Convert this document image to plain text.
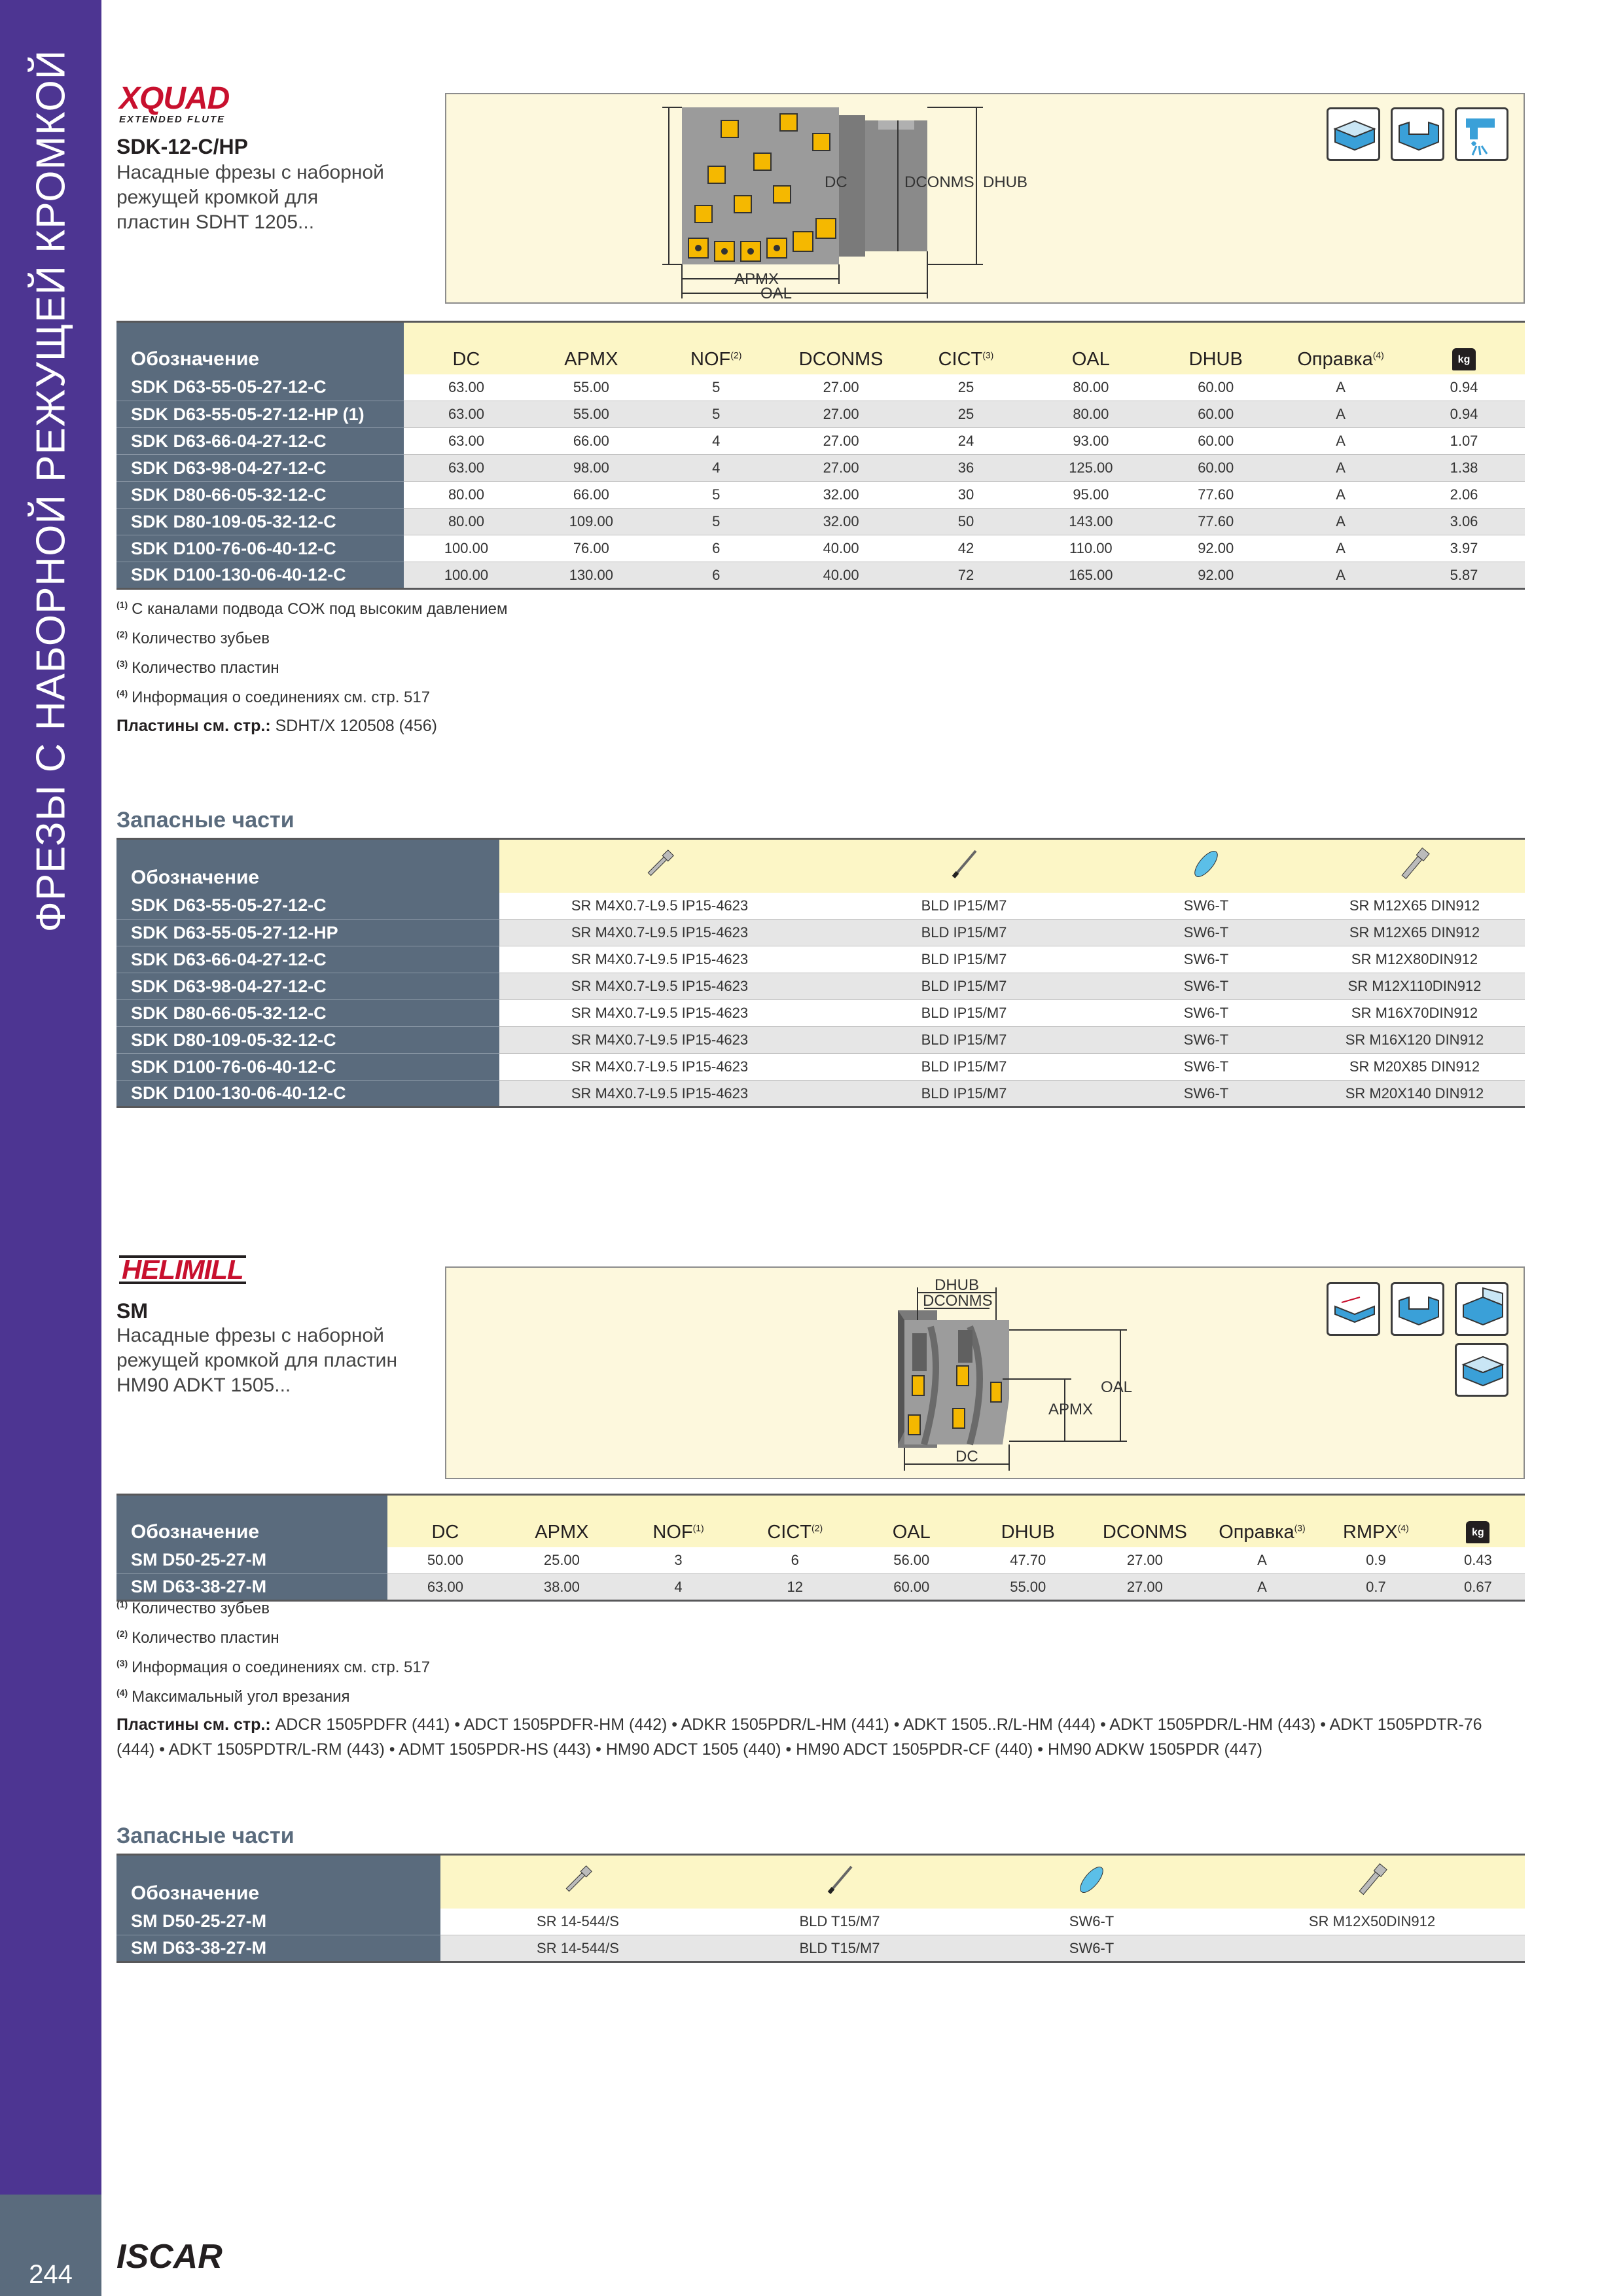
ФРЕЗЫ С НАБОРНОЙ РЕЖУЩЕЙ КРОМКОЙ
244	ISCAR
XQUAD
EXTENDED FLUTE
SDK-12-C/HP
Насадные фрезы с наборной
режущей кромкой для
пластин SDHT 1205...
DC	DCONMS DHUB
APMX
OAL
Обозначение	DC	APMX	NOF$^{(2)}$	DCONMS	CICT$^{(3)}$	OAL	DHUB	Оправка$^{(4)}$	kg
SDK D63-55-05-27-12-C	63.00	55.00	5	27.00	25	80.00	60.00	A	0.94
SDK D63-55-05-27-12-HP (1)	63.00	55.00	5	27.00	25	80.00	60.00	A	0.94
SDK D63-66-04-27-12-C	63.00	66.00	4	27.00	24	93.00	60.00	A	1.07
SDK D63-98-04-27-12-C	63.00	98.00	4	27.00	36	125.00	60.00	A	1.38
SDK D80-66-05-32-12-C	80.00	66.00	5	32.00	30	95.00	77.60	A	2.06
SDK D80-109-05-32-12-C	80.00	109.00	5	32.00	50	143.00	77.60	A	3.06
SDK D100-76-06-40-12-C	100.00	76.00	6	40.00	42	110.00	92.00	A	3.97
SDK D100-130-06-40-12-C	100.00	130.00	6	40.00	72	165.00	92.00	A	5.87
$^{(1)}$ С каналами подвода СОЖ под высоким давлением
$^{(2)}$ Количество зубьев
$^{(3)}$ Количество пластин
$^{(4)}$ Информация о соединениях см. стр. 517
Пластины см. стр.: SDHT/X 120508 (456)
Запасные части
Обозначение				
SDK D63-55-05-27-12-C	SR M4X0.7-L9.5 IP15-4623	BLD IP15/M7	SW6-T	SR M12X65 DIN912
SDK D63-55-05-27-12-HP	SR M4X0.7-L9.5 IP15-4623	BLD IP15/M7	SW6-T	SR M12X65 DIN912
SDK D63-66-04-27-12-C	SR M4X0.7-L9.5 IP15-4623	BLD IP15/M7	SW6-T	SR M12X80DIN912
SDK D63-98-04-27-12-C	SR M4X0.7-L9.5 IP15-4623	BLD IP15/M7	SW6-T	SR M12X110DIN912
SDK D80-66-05-32-12-C	SR M4X0.7-L9.5 IP15-4623	BLD IP15/M7	SW6-T	SR M16X70DIN912
SDK D80-109-05-32-12-C	SR M4X0.7-L9.5 IP15-4623	BLD IP15/M7	SW6-T	SR M16X120 DIN912
SDK D100-76-06-40-12-C	SR M4X0.7-L9.5 IP15-4623	BLD IP15/M7	SW6-T	SR M20X85 DIN912
SDK D100-130-06-40-12-C	SR M4X0.7-L9.5 IP15-4623	BLD IP15/M7	SW6-T	SR M20X140 DIN912
HELIMILL
SM
Насадные фрезы с наборной
режущей кромкой для пластин
HM90 ADKT 1505...
DHUB
DCONMS
OAL
APMX
DC
Обозначение	DC	APMX	NOF$^{(1)}$	CICT$^{(2)}$	OAL	DHUB	DCONMS	Оправка$^{(3)}$	RMPX$^{(4)}$	kg
SM D50-25-27-M	50.00	25.00	3	6	56.00	47.70	27.00	A	0.9	0.43
SM D63-38-27-M	63.00	38.00	4	12	60.00	55.00	27.00	A	0.7	0.67
$^{(1)}$ Количество зубьев
$^{(2)}$ Количество пластин
$^{(3)}$ Информация о соединениях см. стр. 517
$^{(4)}$ Максимальный угол врезания
Пластины см. стр.: ADCR 1505PDFR (441) • ADCT 1505PDFR-HM (442) • ADKR 1505PDR/L-HM (441) • ADKT 1505..R/L-HM (444) • ADKT 1505PDR/L-HM (443) • ADKT 1505PDTR-76 (444) • ADKT 1505PDTR/L-RM (443) • ADMT 1505PDR-HS (443) • HM90 ADCT 1505 (440) • HM90 ADCT 1505PDR-CF (440) • HM90 ADKW 1505PDR (447)
Запасные части
Обозначение				
SM D50-25-27-M	SR 14-544/S	BLD T15/M7	SW6-T	SR M12X50DIN912
SM D63-38-27-M	SR 14-544/S	BLD T15/M7	SW6-T	
